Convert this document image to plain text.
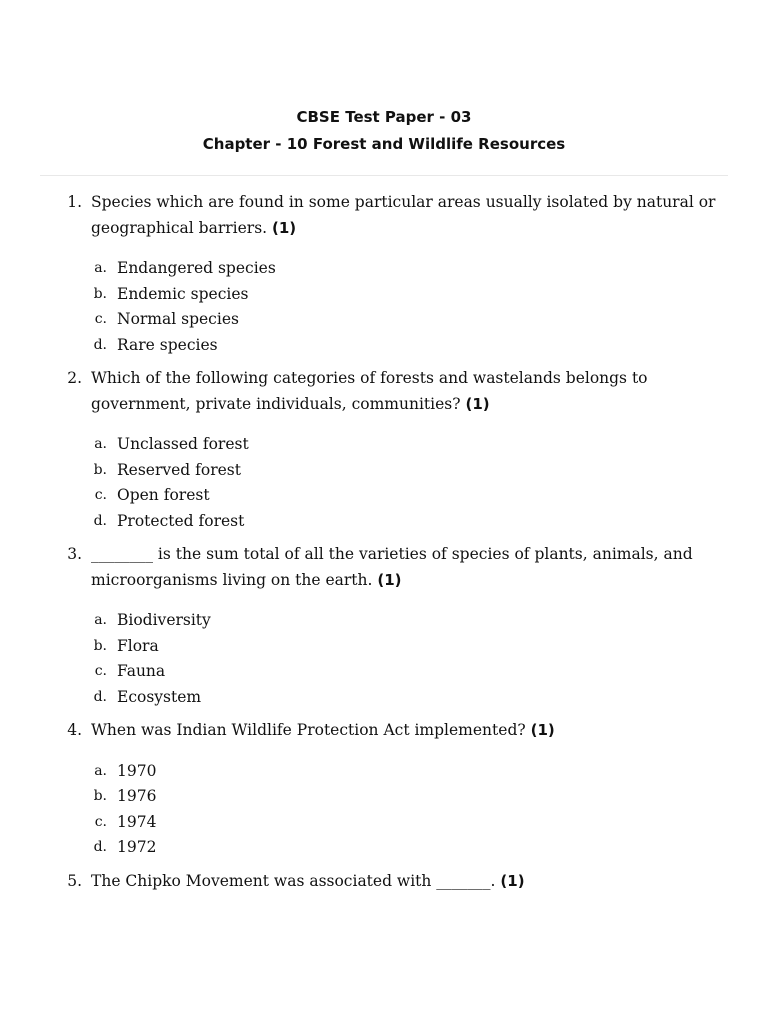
CBSE Test Paper - 03

Chapter - 10 Forest and Wildlife Resources

1. Species which are found in some particular areas usually isolated by natural or geographical barriers. (1)
a. Endangered species
b. Endemic species
c. Normal species
d. Rare species
2. Which of the following categories of forests and wastelands belongs to government, private individuals, communities? (1)
a. Unclassed forest
b. Reserved forest
c. Open forest
d. Protected forest
3. ________ is the sum total of all the varieties of species of plants, animals, and microorganisms living on the earth. (1)
a. Biodiversity
b. Flora
c. Fauna
d. Ecosystem
4. When was Indian Wildlife Protection Act implemented? (1)
a. 1970
b. 1976
c. 1974
d. 1972
5. The Chipko Movement was associated with _______. (1)
